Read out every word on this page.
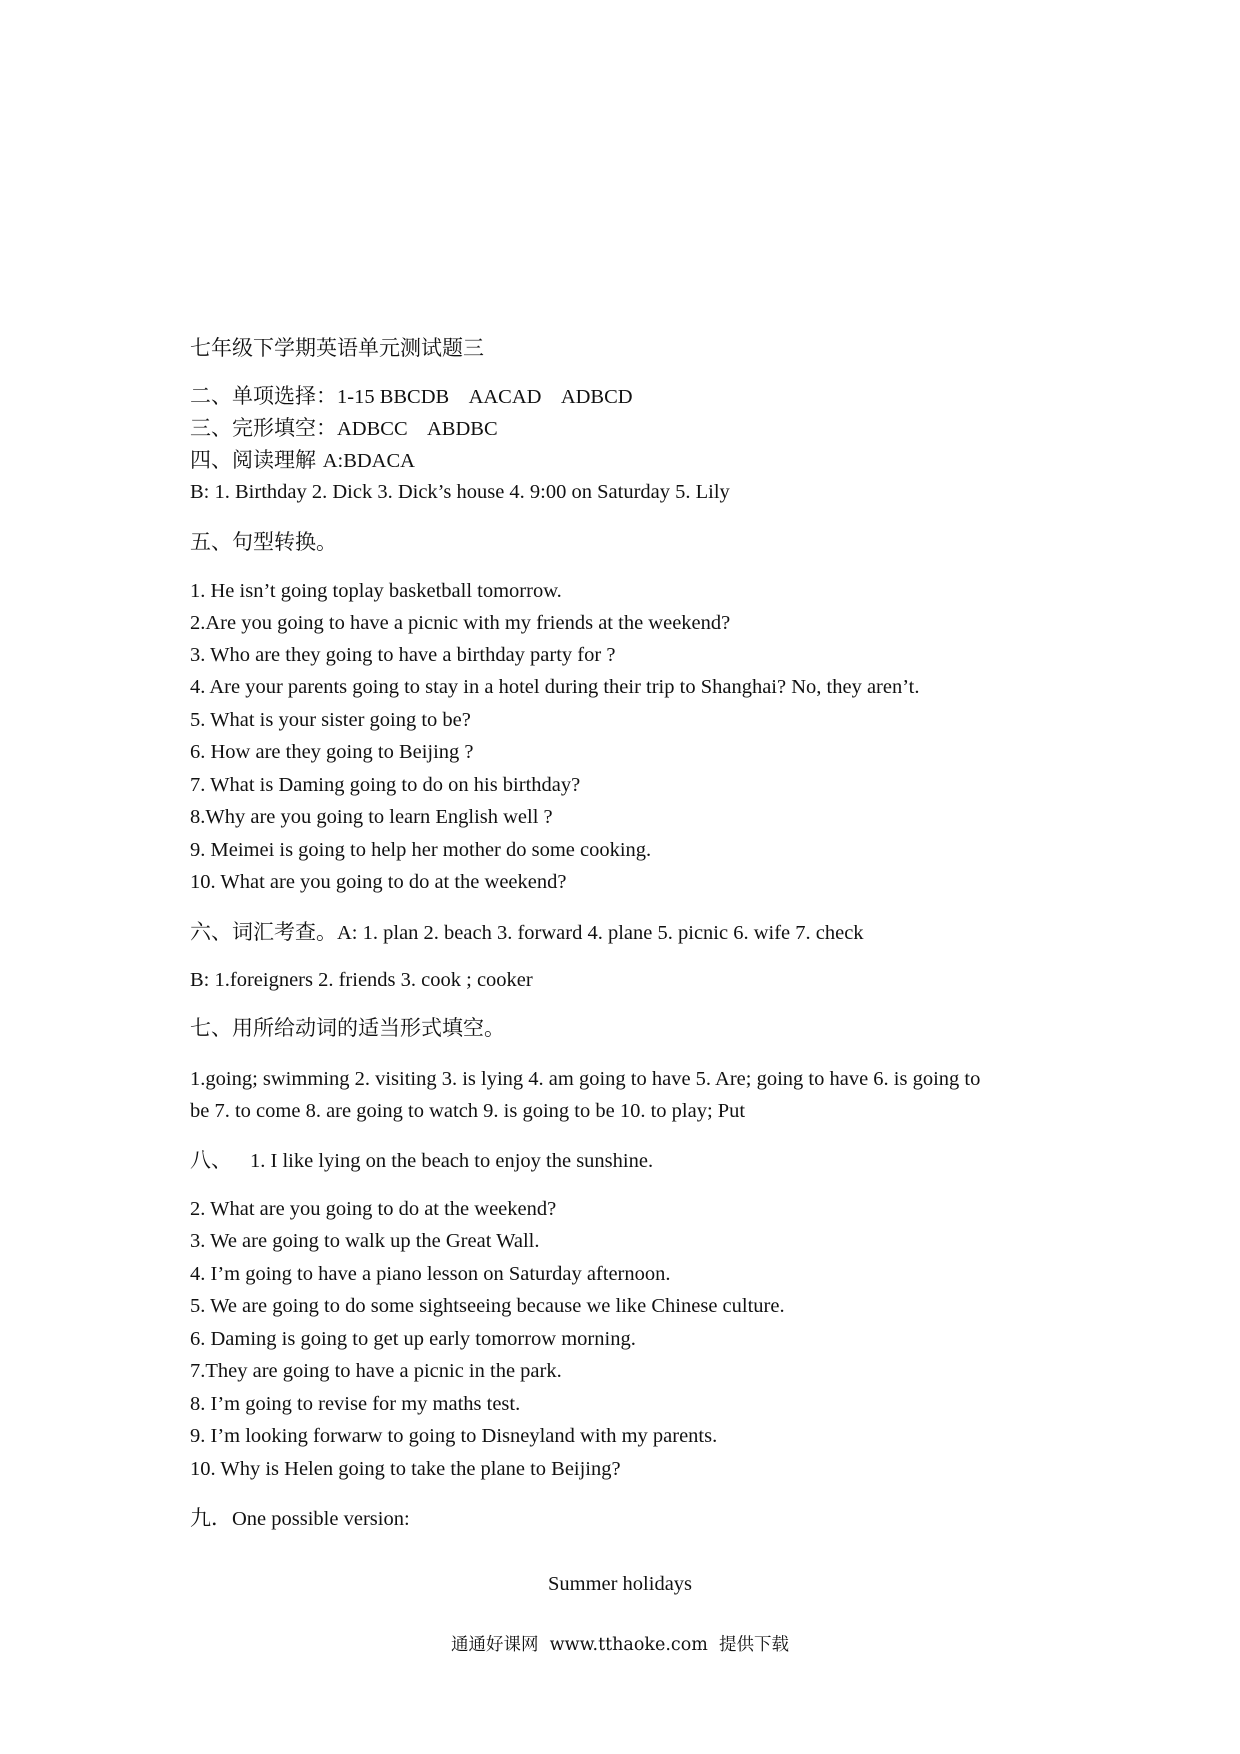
七年级下学期英语单元测试题三
二、单项选择：1-15 BBCDB    AACAD    ADBCD
三、完形填空：ADBCC    ABDBC
四、阅读理解 A:BDACA
B: 1. Birthday 2. Dick 3. Dick’s house 4. 9:00 on Saturday 5. Lily
五、句型转换。
1. He isn’t going toplay basketball tomorrow.
2.Are you going to have a picnic with my friends at the weekend?
3. Who are they going to have a birthday party for ?
4. Are your parents going to stay in a hotel during their trip to Shanghai? No, they aren’t.
5. What is your sister going to be?
6. How are they going to Beijing ?
7. What is Daming going to do on his birthday?
8.Why are you going to learn English well ?
9. Meimei is going to help her mother do some cooking.
10. What are you going to do at the weekend?
六、词汇考查。A: 1. plan 2. beach 3. forward 4. plane 5. picnic 6. wife 7. check
B: 1.foreigners 2. friends 3. cook ; cooker
七、用所给动词的适当形式填空。
1.going; swimming 2. visiting 3. is lying 4. am going to have 5. Are; going to have 6. is going to
be 7. to come 8. are going to watch 9. is going to be 10. to play; Put
八、 1. I like lying on the beach to enjoy the sunshine.
2. What are you going to do at the weekend?
3. We are going to walk up the Great Wall.
4. I’m going to have a piano lesson on Saturday afternoon.
5. We are going to do some sightseeing because we like Chinese culture.
6. Daming is going to get up early tomorrow morning.
7.They are going to have a picnic in the park.
8. I’m going to revise for my maths test.
9. I’m looking forwarw to going to Disneyland with my parents.
10. Why is Helen going to take the plane to Beijing?
九．One possible version:
Summer holidays
通通好课网  www.tthaoke.com  提供下载
